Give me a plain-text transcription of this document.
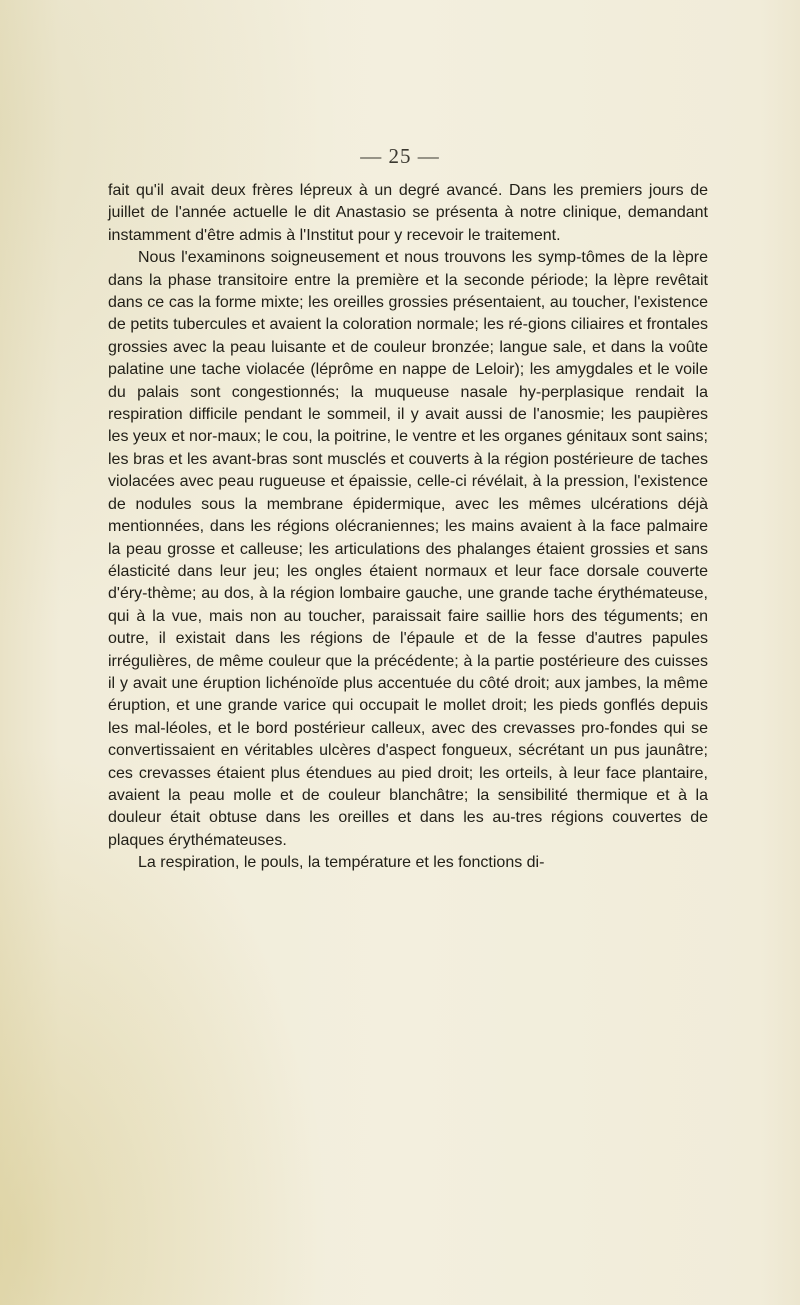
— 25 —

fait qu'il avait deux frères lépreux à un degré avancé. Dans les premiers jours de juillet de l'année actuelle le dit Anastasio se présenta à notre clinique, demandant instamment d'être admis à l'Institut pour y recevoir le traitement.

Nous l'examinons soigneusement et nous trouvons les symp-tômes de la lèpre dans la phase transitoire entre la première et la seconde période; la lèpre revêtait dans ce cas la forme mixte; les oreilles grossies présentaient, au toucher, l'existence de petits tubercules et avaient la coloration normale; les ré-gions ciliaires et frontales grossies avec la peau luisante et de couleur bronzée; langue sale, et dans la voûte palatine une tache violacée (léprôme en nappe de Leloir); les amygdales et le voile du palais sont congestionnés; la muqueuse nasale hy-perplasique rendait la respiration difficile pendant le sommeil, il y avait aussi de l'anosmie; les paupières les yeux et nor-maux; le cou, la poitrine, le ventre et les organes génitaux sont sains; les bras et les avant-bras sont musclés et couverts à la région postérieure de taches violacées avec peau rugueuse et épaissie, celle-ci révélait, à la pression, l'existence de nodules sous la membrane épidermique, avec les mêmes ulcérations déjà mentionnées, dans les régions olécraniennes; les mains avaient à la face palmaire la peau grosse et calleuse; les articulations des phalanges étaient grossies et sans élasticité dans leur jeu; les ongles étaient normaux et leur face dorsale couverte d'éry-thème; au dos, à la région lombaire gauche, une grande tache érythémateuse, qui à la vue, mais non au toucher, paraissait faire saillie hors des téguments; en outre, il existait dans les régions de l'épaule et de la fesse d'autres papules irrégulières, de même couleur que la précédente; à la partie postérieure des cuisses il y avait une éruption lichénoïde plus accentuée du côté droit; aux jambes, la même éruption, et une grande varice qui occupait le mollet droit; les pieds gonflés depuis les mal-léoles, et le bord postérieur calleux, avec des crevasses pro-fondes qui se convertissaient en véritables ulcères d'aspect fongueux, sécrétant un pus jaunâtre; ces crevasses étaient plus étendues au pied droit; les orteils, à leur face plantaire, avaient la peau molle et de couleur blanchâtre; la sensibilité thermique et à la douleur était obtuse dans les oreilles et dans les au-tres régions couvertes de plaques érythémateuses.

La respiration, le pouls, la température et les fonctions di-
